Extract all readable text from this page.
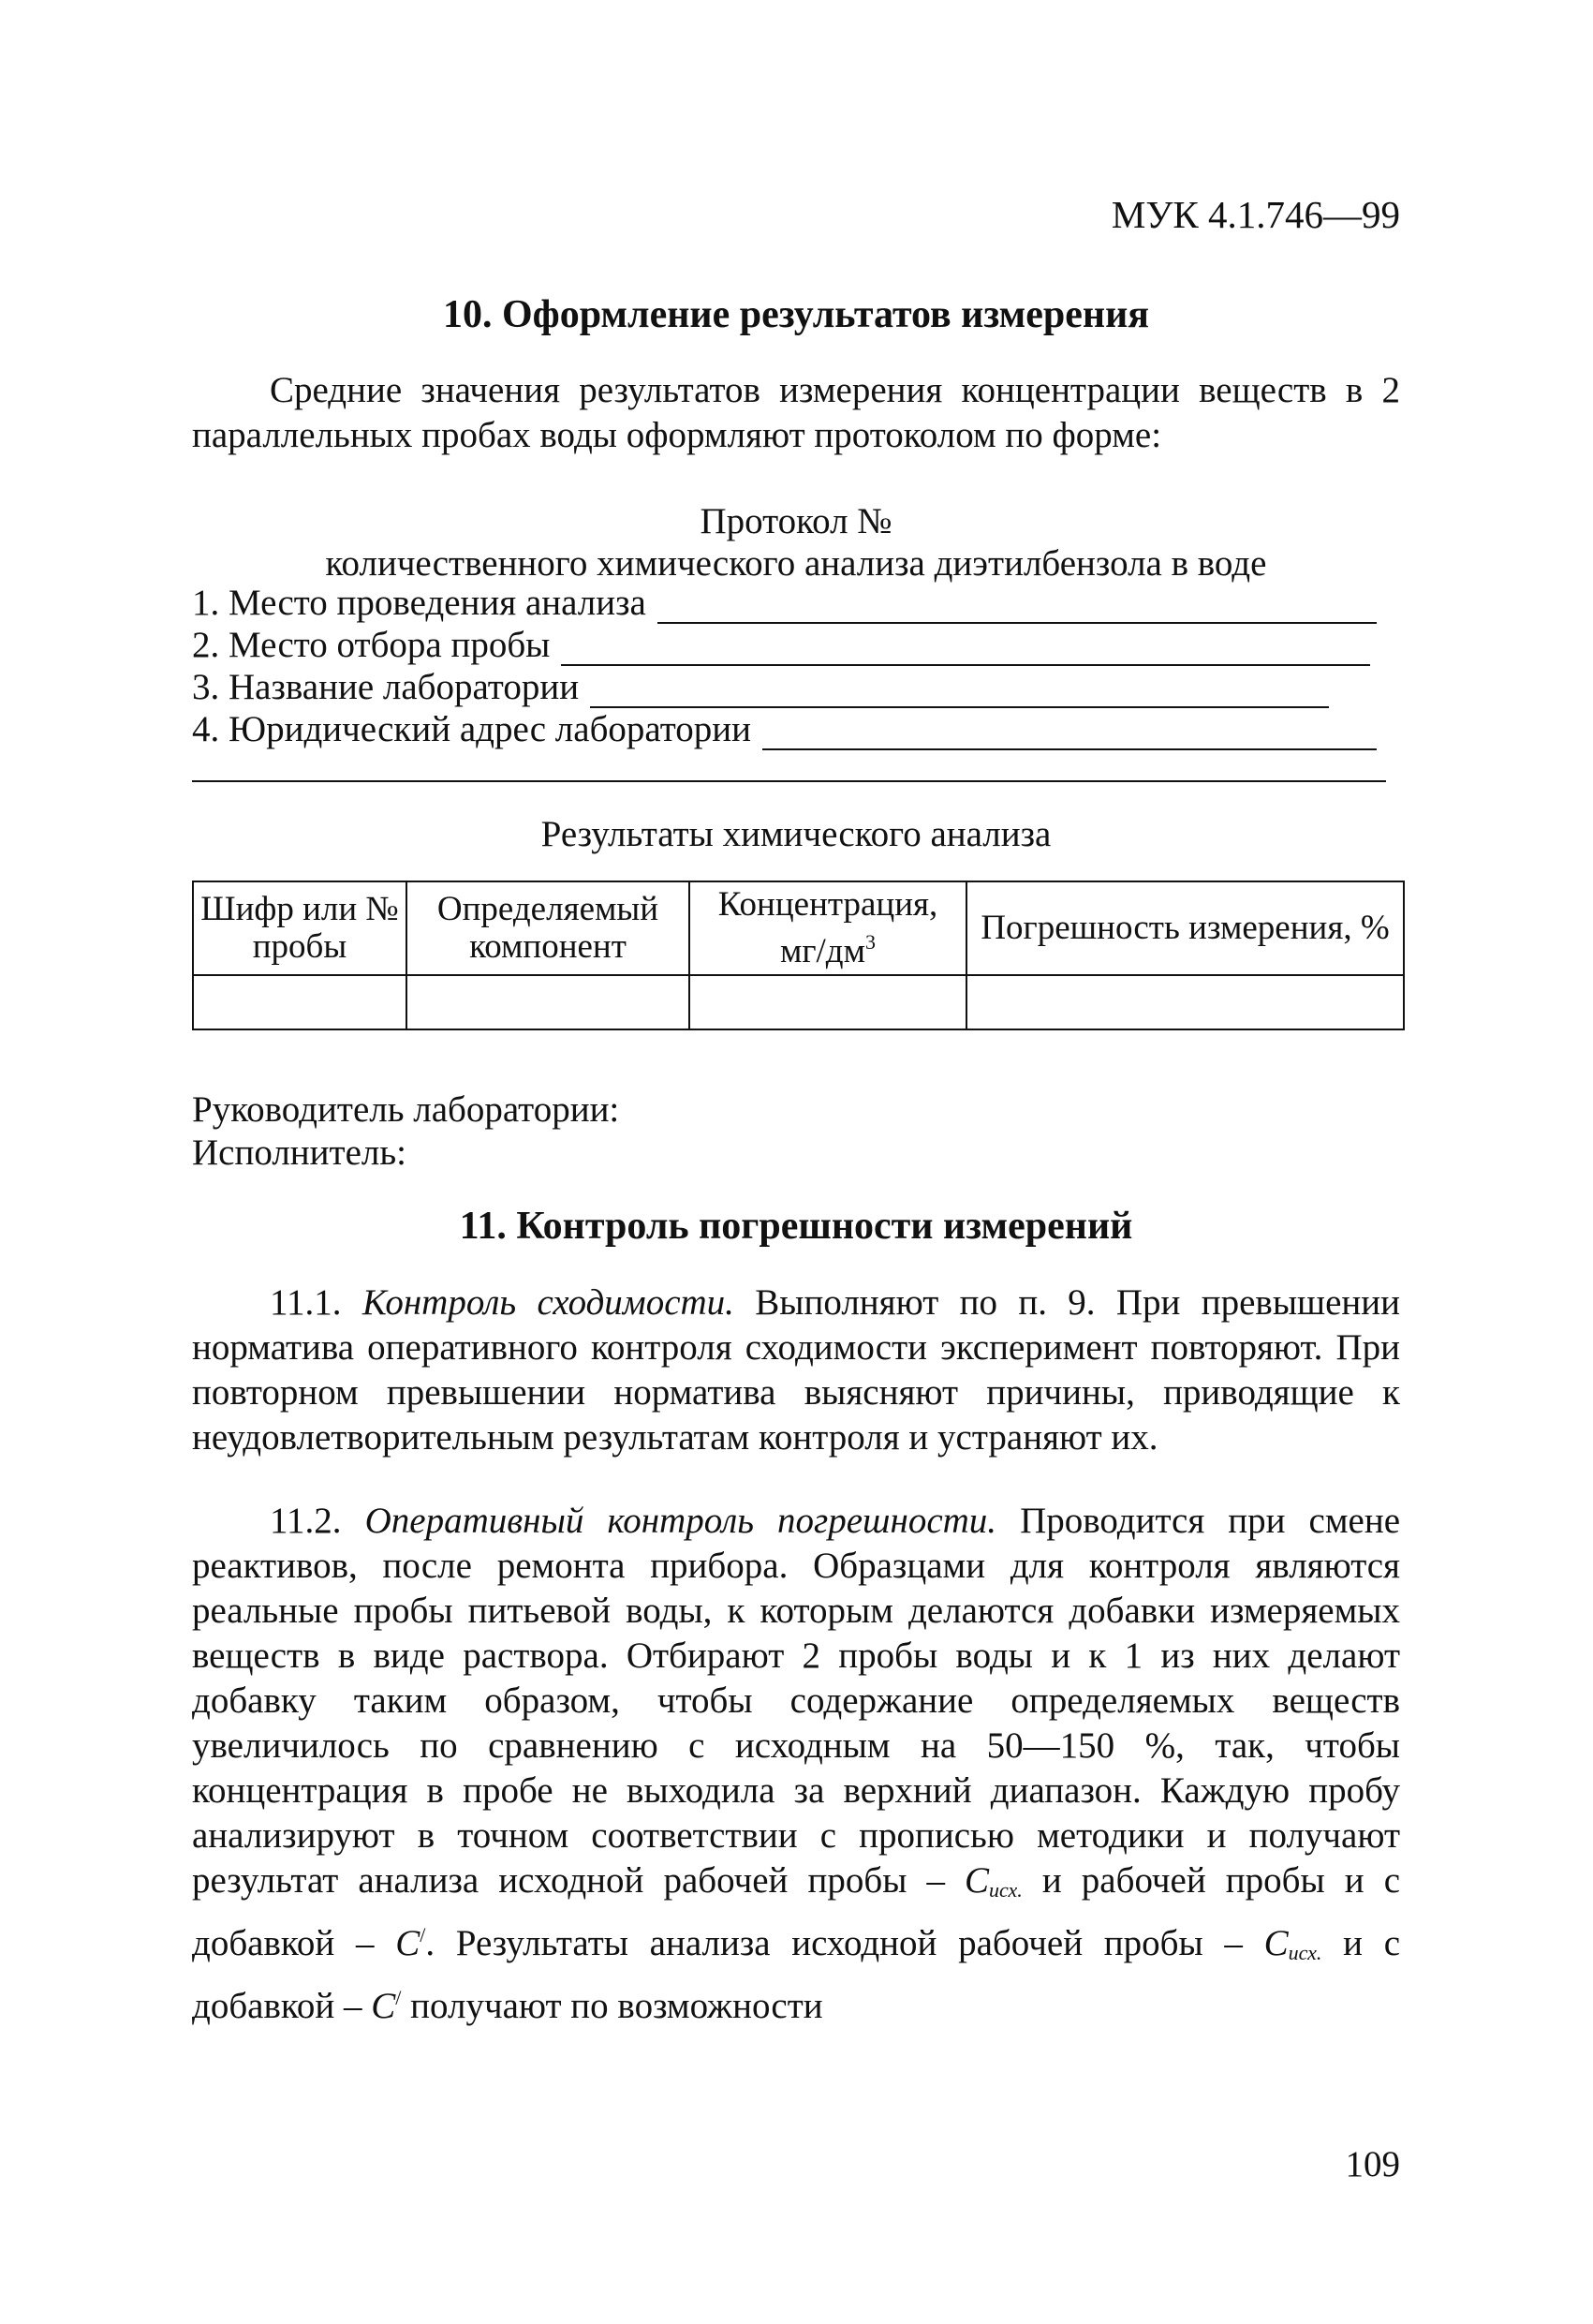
МУК 4.1.746—99
10. Оформление результатов измерения
Средние значения результатов измерения концентрации веществ в 2 параллельных пробах воды оформляют протоколом по форме:
Протокол №
количественного химического анализа диэтилбензола в воде
1. Место проведения анализа
2. Место отбора пробы
3. Название лаборатории
4. Юридический адрес лаборатории
Результаты химического анализа
Шифр или № пробы	Определяемый компонент	Концентрация, $мг/дм^3$	Погрешность измерения, %

Руководитель лаборатории:
Исполнитель:
11. Контроль погрешности измерений
11.1. Контроль сходимости. Выполняют по п. 9. При превышении норматива оперативного контроля сходимости эксперимент повторяют. При повторном превышении норматива выясняют причины, приводящие к неудовлетворительным результатам контроля и устраняют их.
11.2. Оперативный контроль погрешности. Проводится при смене реактивов, после ремонта прибора. Образцами для контроля являются реальные пробы питьевой воды, к которым делаются добавки измеряемых веществ в виде раствора. Отбирают 2 пробы воды и к 1 из них делают добавку таким образом, чтобы содержание определяемых веществ увеличилось по сравнению с исходным на 50—150 %, так, чтобы концентрация в пробе не выходила за верхний диапазон. Каждую пробу анализируют в точном соответствии с прописью методики и получают результат анализа исходной рабочей пробы – $C_{исх.}$ и рабочей пробы и с добавкой – C/. Результаты анализа исходной рабочей пробы – $C_{исх.}$ и с добавкой – C/ получают по возможности
109
